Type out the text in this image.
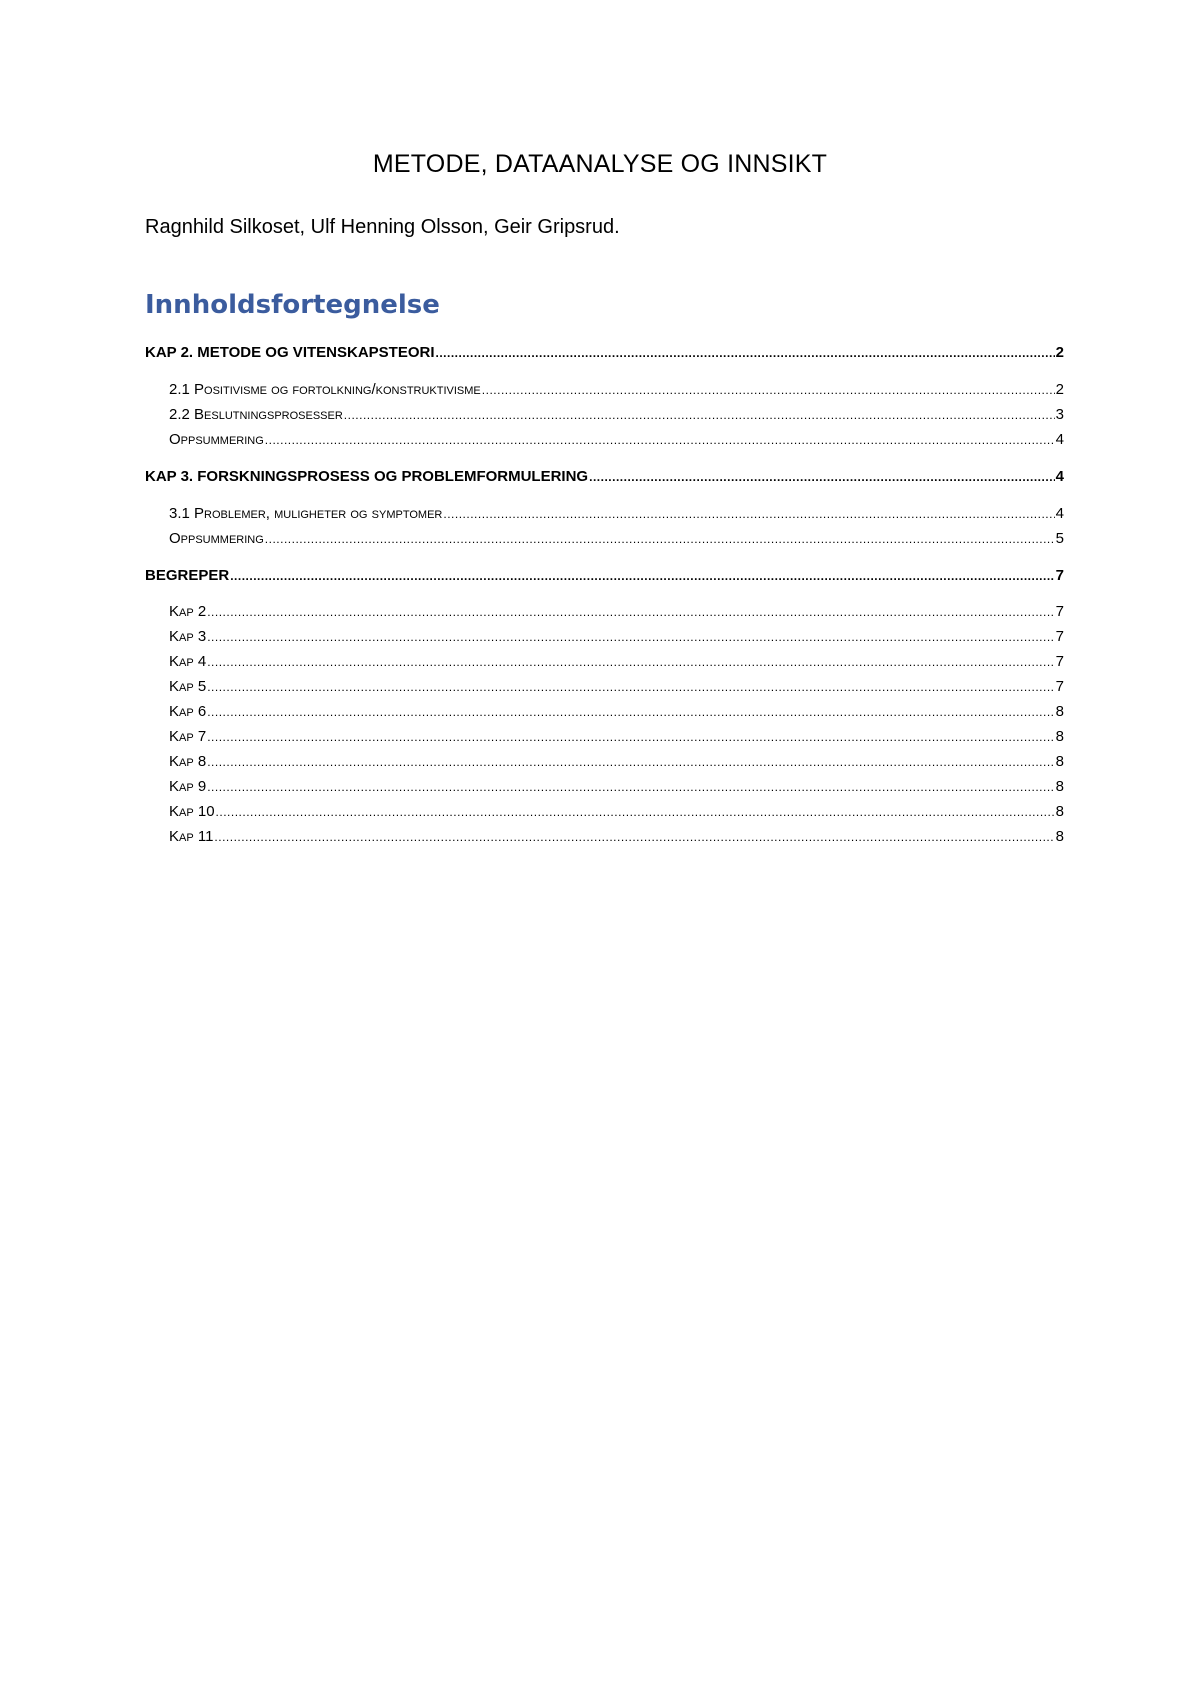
METODE, DATAANALYSE OG INNSIKT
Ragnhild Silkoset, Ulf Henning Olsson, Geir Gripsrud.
Innholdsfortegnelse
KAP 2. METODE OG VITENSKAPSTEORI .....	2
2.1 Positivisme og fortolkning/konstruktivisme .....	2
2.2 Beslutningsprosesser .....	3
Oppsummering .....	4
KAP 3. FORSKNINGSPROSESS OG PROBLEMFORMULERING .....	4
3.1 Problemer, muligheter og symptomer .....	4
Oppsummering .....	5
BEGREPER .....	7
Kap 2 .....	7
Kap 3 .....	7
Kap 4 .....	7
Kap 5 .....	7
Kap 6 .....	8
Kap 7 .....	8
Kap 8 .....	8
Kap 9 .....	8
Kap 10 .....	8
Kap 11 .....	8
